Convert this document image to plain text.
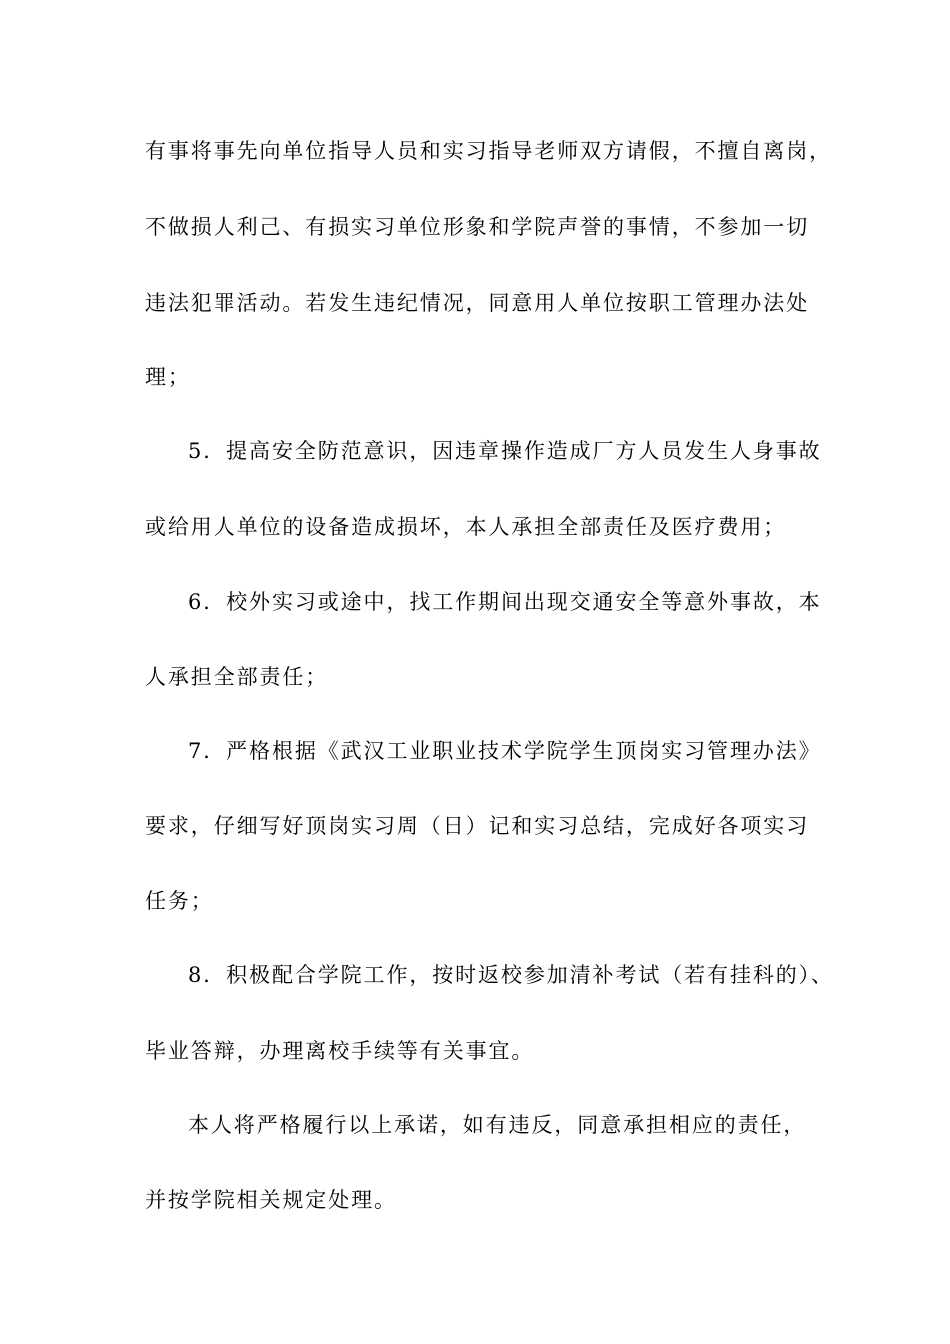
有事将事先向单位指导人员和实习指导老师双方请假，不擅自离岗，
不做损人利己、有损实习单位形象和学院声誉的事情，不参加一切
违法犯罪活动。若发生违纪情况，同意用人单位按职工管理办法处
理；
5．提高安全防范意识，因违章操作造成厂方人员发生人身事故
或给用人单位的设备造成损坏，本人承担全部责任及医疗费用；
6．校外实习或途中，找工作期间出现交通安全等意外事故，本
人承担全部责任；
7．严格根据《武汉工业职业技术学院学生顶岗实习管理办法》
要求，仔细写好顶岗实习周（日）记和实习总结，完成好各项实习
任务；
8．积极配合学院工作，按时返校参加清补考试（若有挂科的）、
毕业答辩，办理离校手续等有关事宜。
本人将严格履行以上承诺，如有违反，同意承担相应的责任，
并按学院相关规定处理。
